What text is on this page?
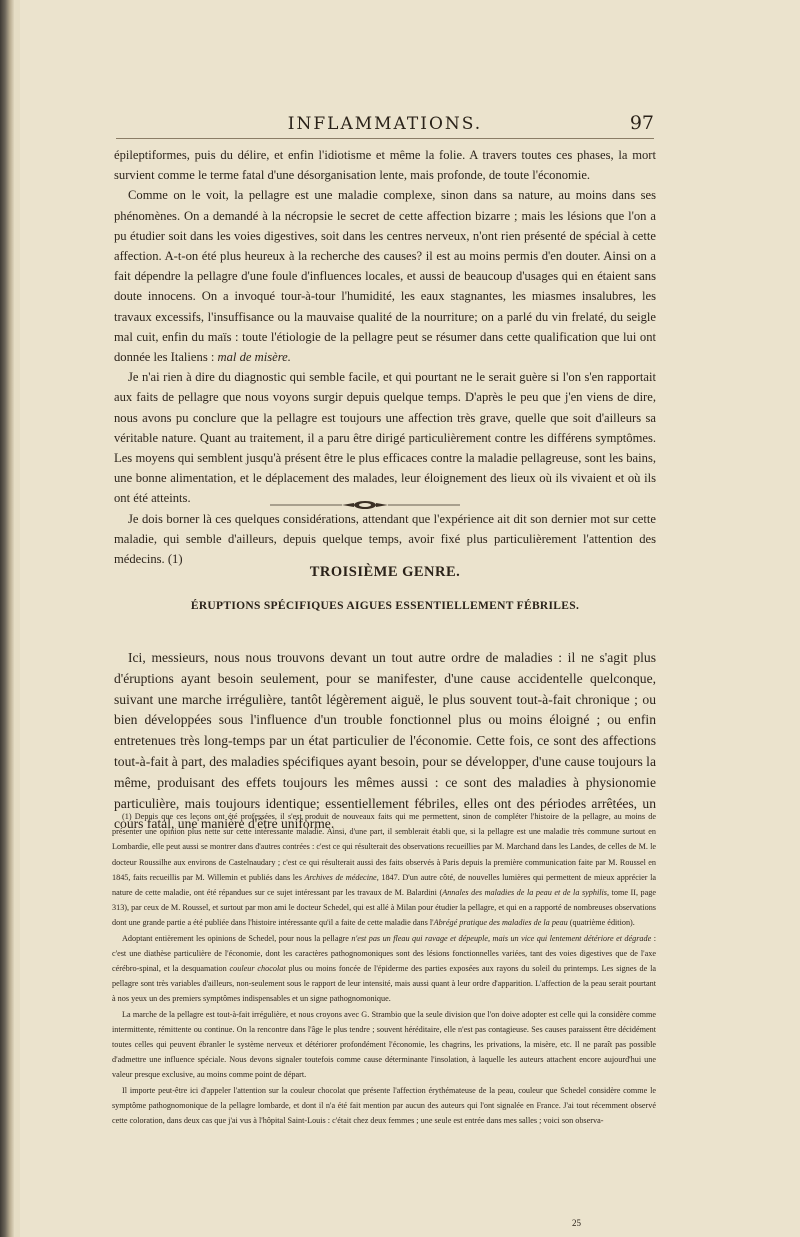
INFLAMMATIONS.	97

épileptiformes, puis du délire, et enfin l'idiotisme et même la folie. A travers toutes ces phases, la mort survient comme le terme fatal d'une désorganisation lente, mais profonde, de toute l'économie.

Comme on le voit, la pellagre est une maladie complexe, sinon dans sa nature, au moins dans ses phénomènes. On a demandé à la nécropsie le secret de cette affection bizarre ; mais les lésions que l'on a pu étudier soit dans les voies digestives, soit dans les centres nerveux, n'ont rien présenté de spécial à cette affection. A-t-on été plus heureux à la recherche des causes? il est au moins permis d'en douter. Ainsi on a fait dépendre la pellagre d'une foule d'influences locales, et aussi de beaucoup d'usages qui en étaient sans doute innocens. On a invoqué tour-à-tour l'humidité, les eaux stagnantes, les miasmes insalubres, les travaux excessifs, l'insuffisance ou la mauvaise qualité de la nourriture; on a parlé du vin frelaté, du seigle mal cuit, enfin du maïs : toute l'étiologie de la pellagre peut se résumer dans cette qualification que lui ont donnée les Italiens : mal de misère.

Je n'ai rien à dire du diagnostic qui semble facile, et qui pourtant ne le serait guère si l'on s'en rapportait aux faits de pellagre que nous voyons surgir depuis quelque temps. D'après le peu que j'en viens de dire, nous avons pu conclure que la pellagre est toujours une affection très grave, quelle que soit d'ailleurs sa véritable nature. Quant au traitement, il a paru être dirigé particulièrement contre les différens symptômes. Les moyens qui semblent jusqu'à présent être le plus efficaces contre la maladie pellagreuse, sont les bains, une bonne alimentation, et le déplacement des malades, leur éloignement des lieux où ils vivaient et où ils ont été atteints.

Je dois borner là ces quelques considérations, attendant que l'expérience ait dit son dernier mot sur cette maladie, qui semble d'ailleurs, depuis quelque temps, avoir fixé plus particulièrement l'attention des médecins. (1)

TROISIÈME GENRE.
ÉRUPTIONS SPÉCIFIQUES AIGUES ESSENTIELLEMENT FÉBRILES.

Ici, messieurs, nous nous trouvons devant un tout autre ordre de maladies : il ne s'agit plus d'éruptions ayant besoin seulement, pour se manifester, d'une cause accidentelle quelconque, suivant une marche irrégulière, tantôt légèrement aiguë, le plus souvent tout-à-fait chronique ; ou bien développées sous l'influence d'un trouble fonctionnel plus ou moins éloigné ; ou enfin entretenues très long-temps par un état particulier de l'économie. Cette fois, ce sont des affections tout-à-fait à part, des maladies spécifiques ayant besoin, pour se développer, d'une cause toujours la même, produisant des effets toujours les mêmes aussi : ce sont des maladies à physionomie particulière, mais toujours identique; essentiellement fébriles, elles ont des périodes arrêtées, un cours fatal, une manière d'être uniforme.

(1) Depuis que ces leçons ont été professées, il s'est produit de nouveaux faits qui me permettent, sinon de compléter l'histoire de la pellagre, au moins de présenter une opinion plus nette sur cette intéressante maladie. Ainsi, d'une part, il semblerait établi que, si la pellagre est une maladie très commune surtout en Lombardie, elle peut aussi se montrer dans d'autres contrées : c'est ce qui résulterait des observations recueillies par M. Marchand dans les Landes, de celles de M. le docteur Roussilhe aux environs de Castelnaudary ; c'est ce qui résulterait aussi des faits observés à Paris depuis la première communication faite par M. Roussel en 1845, faits recueillis par M. Willemin et publiés dans les Archives de médecine, 1847. D'un autre côté, de nouvelles lumières qui permettent de mieux apprécier la nature de cette maladie, ont été répandues sur ce sujet intéressant par les travaux de M. Balardini (Annales des maladies de la peau et de la syphilis, tome II, page 313), par ceux de M. Roussel, et surtout par mon ami le docteur Schedel, qui est allé à Milan pour étudier la pellagre, et qui en a rapporté de nombreuses observations dont une grande partie a été publiée dans l'histoire intéressante qu'il a faite de cette maladie dans l'Abrégé pratique des maladies de la peau (quatrième édition).

Adoptant entièrement les opinions de Schedel, pour nous la pellagre n'est pas un fleau qui ravage et dépeuple, mais un vice qui lentement détériore et dégrade : c'est une diathèse particulière de l'économie, dont les caractères pathognomoniques sont des lésions fonctionnelles variées, tant des voies digestives que de l'axe cérébro-spinal, et la desquamation couleur chocolat plus ou moins foncée de l'épiderme des parties exposées aux rayons du soleil du printemps. Les signes de la pellagre sont très variables d'ailleurs, non-seulement sous le rapport de leur intensité, mais aussi quant à leur ordre d'apparition. L'affection de la peau serait pourtant à nos yeux un des premiers symptômes indispensables et un signe pathognomonique.

La marche de la pellagre est tout-à-fait irrégulière, et nous croyons avec G. Strambio que la seule division que l'on doive adopter est celle qui la considère comme intermittente, rémittente ou continue. On la rencontre dans l'âge le plus tendre ; souvent héréditaire, elle n'est pas contagieuse. Ses causes paraissent être décidément toutes celles qui peuvent ébranler le système nerveux et détériorer profondément l'économie, les chagrins, les privations, la misère, etc. Il ne paraît pas possible d'admettre une influence spéciale. Nous devons signaler toutefois comme cause déterminante l'insolation, à laquelle les auteurs attachent encore aujourd'hui une valeur presque exclusive, au moins comme point de départ.

Il importe peut-être ici d'appeler l'attention sur la couleur chocolat que présente l'affection érythémateuse de la peau, couleur que Schedel considère comme le symptôme pathognomonique de la pellagre lombarde, et dont il n'a été fait mention par aucun des auteurs qui l'ont signalée en France. J'ai tout récemment observé cette coloration, dans deux cas que j'ai vus à l'hôpital Saint-Louis : c'était chez deux femmes ; une seule est entrée dans mes salles ; voici son observa-

25
